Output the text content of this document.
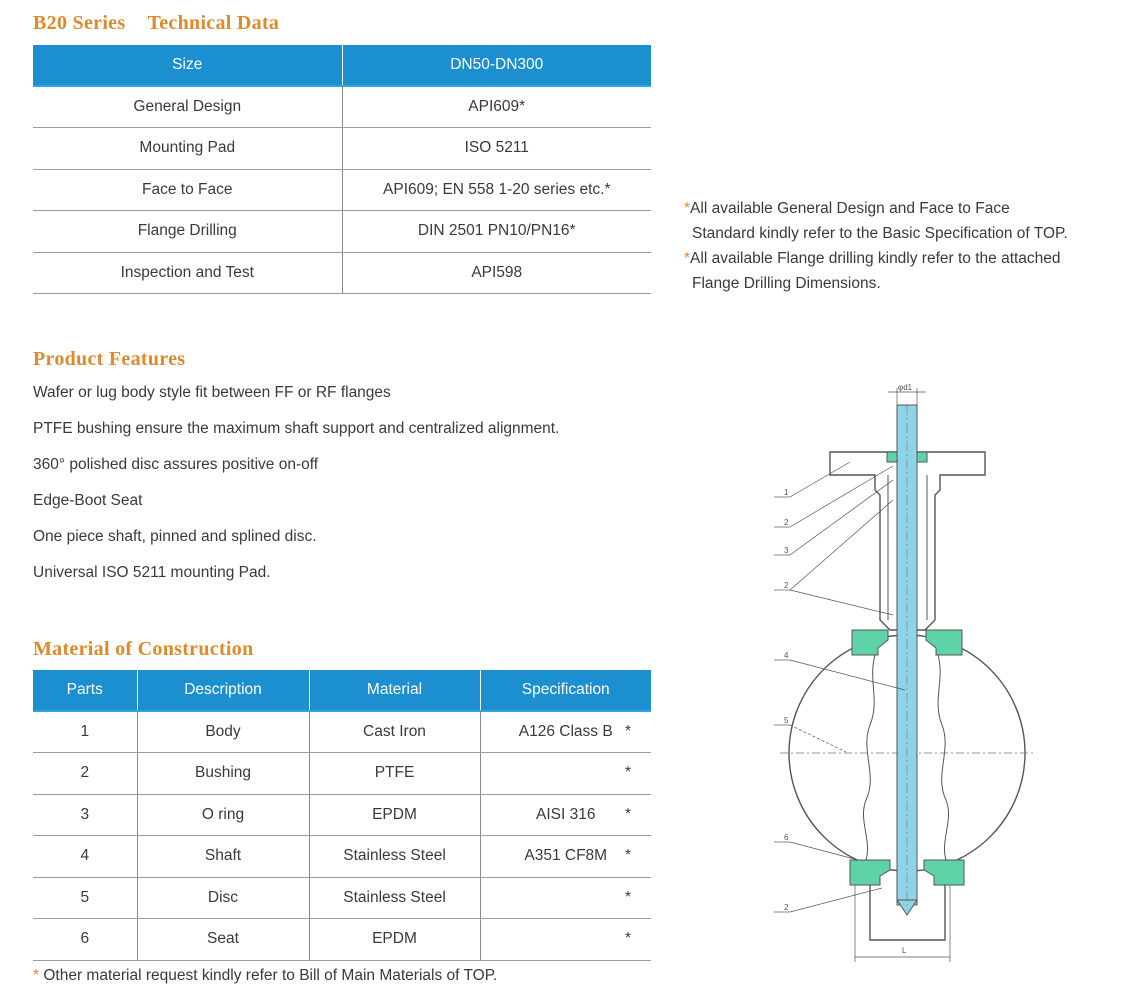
B20 Series Technical Data
Size	DN50-DN300
General Design	API609*
Mounting Pad	ISO 5211
Face to Face	API609; EN 558 1-20 series etc.*
Flange Drilling	DIN 2501 PN10/PN16*
Inspection and Test	API598
*All available General Design and Face to Face
Standard kindly refer to the Basic Specification of TOP.
*All available Flange drilling kindly refer to the attached
Flange Drilling Dimensions.
Product Features
Wafer or lug body style fit between FF or RF flanges
PTFE bushing ensure the maximum shaft support and centralized alignment.
360° polished disc assures positive on-off
Edge-Boot Seat
One piece shaft, pinned and splined disc.
Universal ISO 5211 mounting Pad.
Material of Construction
Parts	Description	Material	Specification
1	Body	Cast Iron	A126 Class B *

2	Bushing	PTFE	*

3	O ring	EPDM	AISI 316 *

4	Shaft	Stainless Steel	A351 CF8M *

5	Disc	Stainless Steel	*

6	Seat	EPDM	*
* Other material request kindly refer to Bill of Main Materials of TOP.
φd1
L
1
2
3
2
4
5
6
2
